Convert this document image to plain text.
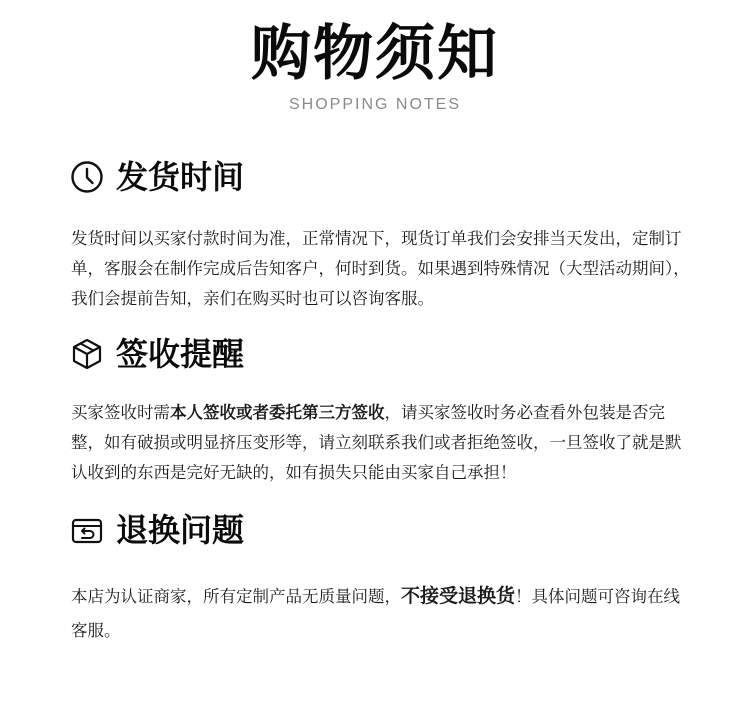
购物须知
SHOPPING NOTES
发货时间

发货时间以买家付款时间为准，正常情况下，现货订单我们会安排当天发出，定制订单，客服会在制作完成后告知客户，何时到货。如果遇到特殊情况（大型活动期间），我们会提前告知，亲们在购买时也可以咨询客服。

签收提醒

买家签收时需本人签收或者委托第三方签收，请买家签收时务必查看外包装是否完整，如有破损或明显挤压变形等，请立刻联系我们或者拒绝签收，一旦签收了就是默认收到的东西是完好无缺的，如有损失只能由买家自己承担！

退换问题

本店为认证商家，所有定制产品无质量问题，不接受退换货！具体问题可咨询在线客服。
